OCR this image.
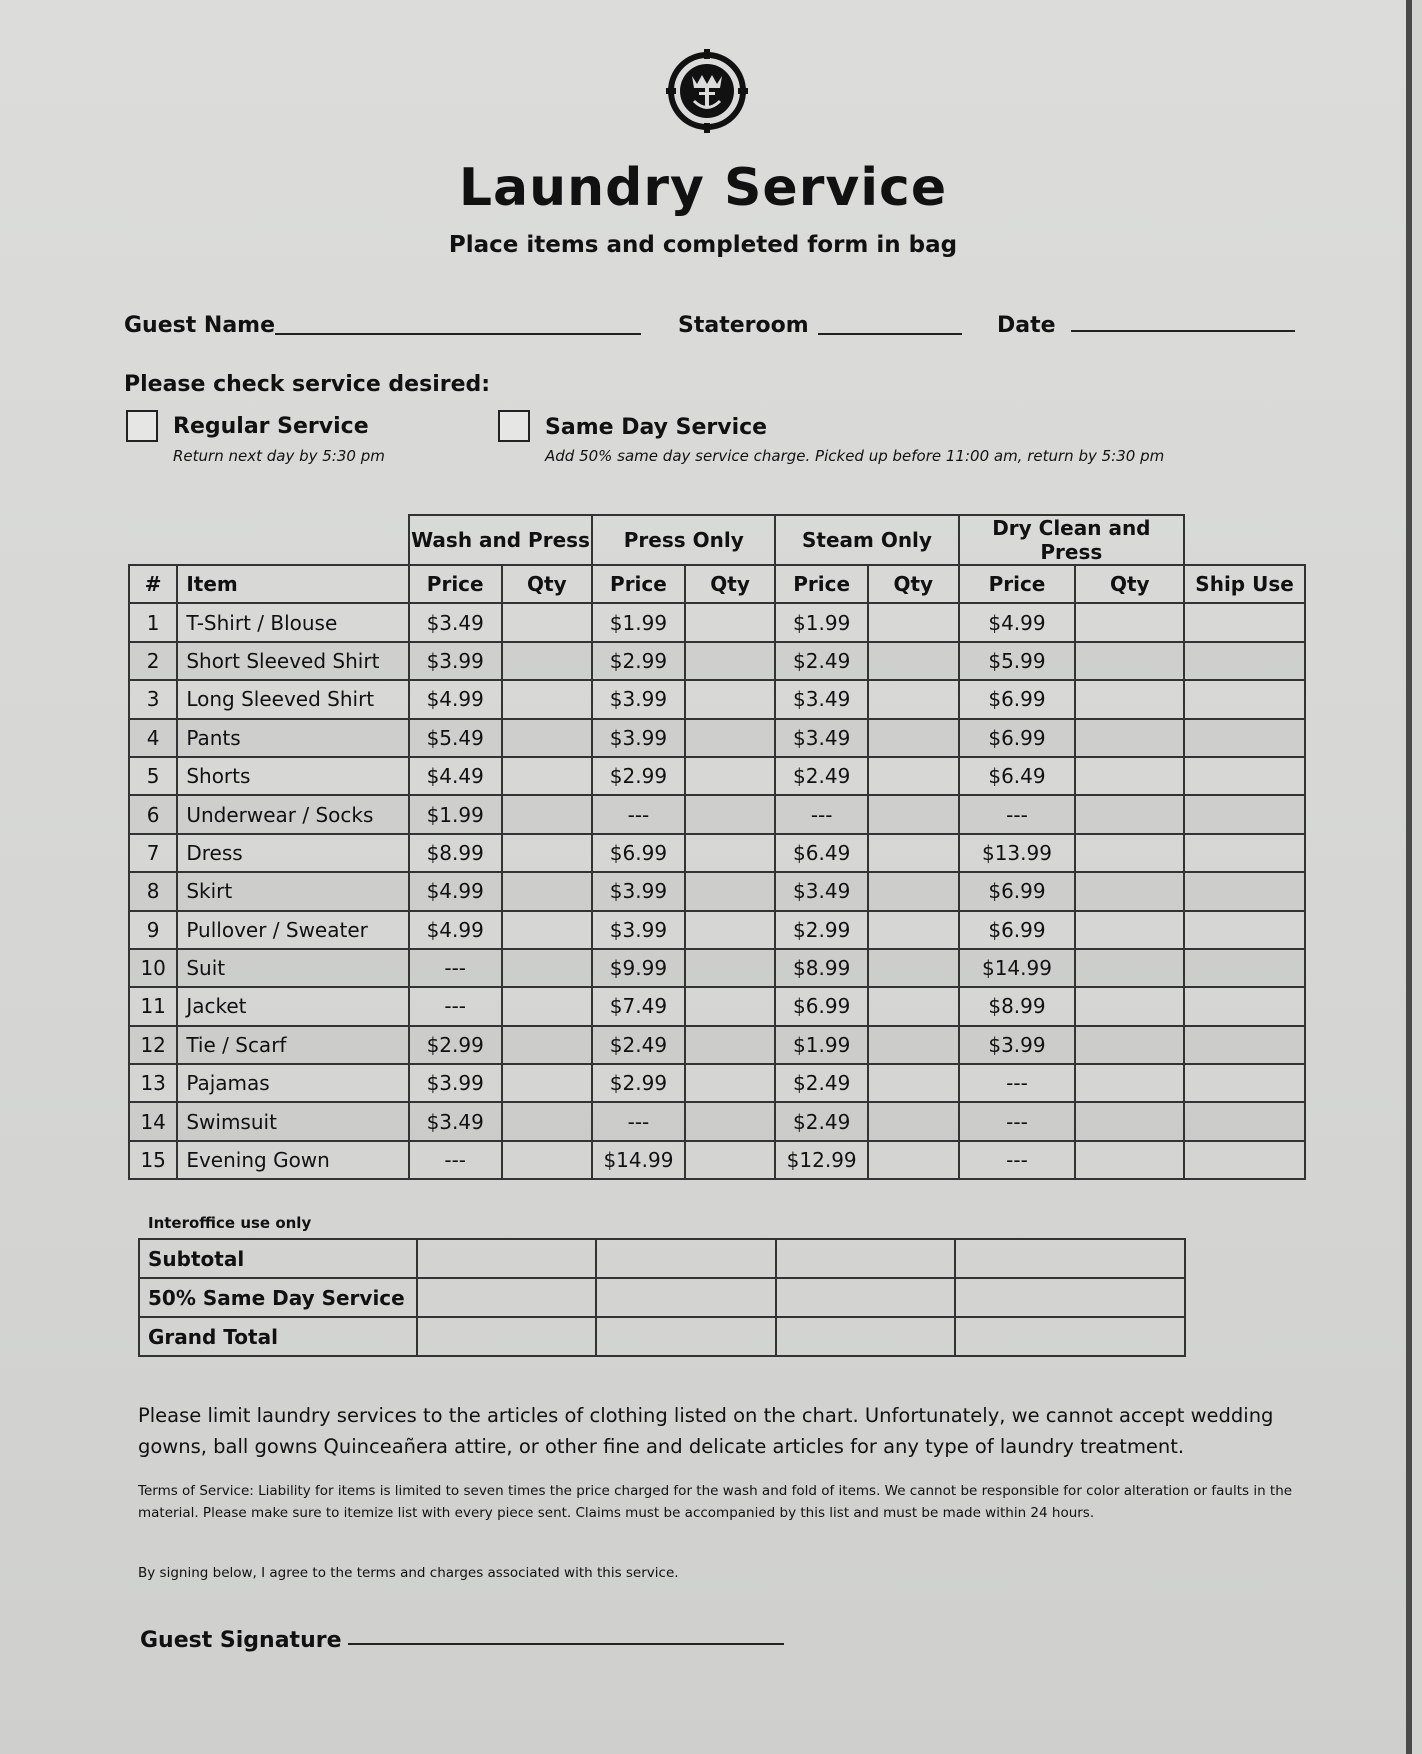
Laundry Service
Place items and completed form in bag
Guest Name	Stateroom	Date
Please check service desired:
Regular Service
Return next day by 5:30 pm
Same Day Service
Add 50% same day service charge. Picked up before 11:00 am, return by 5:30 pm
		Wash and Press		Press Only		Steam Only		Dry Clean and Press		
#	Item	Price	Qty	Price	Qty	Price	Qty	Price	Qty	Ship Use
1	T-Shirt / Blouse	$3.49		$1.99		$1.99		$4.99		
2	Short Sleeved Shirt	$3.99		$2.99		$2.49		$5.99		
3	Long Sleeved Shirt	$4.99		$3.99		$3.49		$6.99		
4	Pants	$5.49		$3.99		$3.49		$6.99		
5	Shorts	$4.49		$2.99		$2.49		$6.49		
6	Underwear / Socks	$1.99		---		---		---		
7	Dress	$8.99		$6.99		$6.49		$13.99		
8	Skirt	$4.99		$3.99		$3.49		$6.99		
9	Pullover / Sweater	$4.99		$3.99		$2.99		$6.99		
10	Suit	---		$9.99		$8.99		$14.99		
11	Jacket	---		$7.49		$6.99		$8.99		
12	Tie / Scarf	$2.99		$2.49		$1.99		$3.99		
13	Pajamas	$3.99		$2.99		$2.49		---		
14	Swimsuit	$3.49		---		$2.49		---		
15	Evening Gown	---		$14.99		$12.99		---		
Interoffice use only
Subtotal				
50% Same Day Service				
Grand Total				
Please limit laundry services to the articles of clothing listed on the chart. Unfortunately, we cannot accept wedding gowns, ball gowns Quinceañera attire, or other fine and delicate articles for any type of laundry treatment.
Terms of Service: Liability for items is limited to seven times the price charged for the wash and fold of items. We cannot be responsible for color alteration or faults in the material. Please make sure to itemize list with every piece sent. Claims must be accompanied by this list and must be made within 24 hours.
By signing below, I agree to the terms and charges associated with this service.
Guest Signature
